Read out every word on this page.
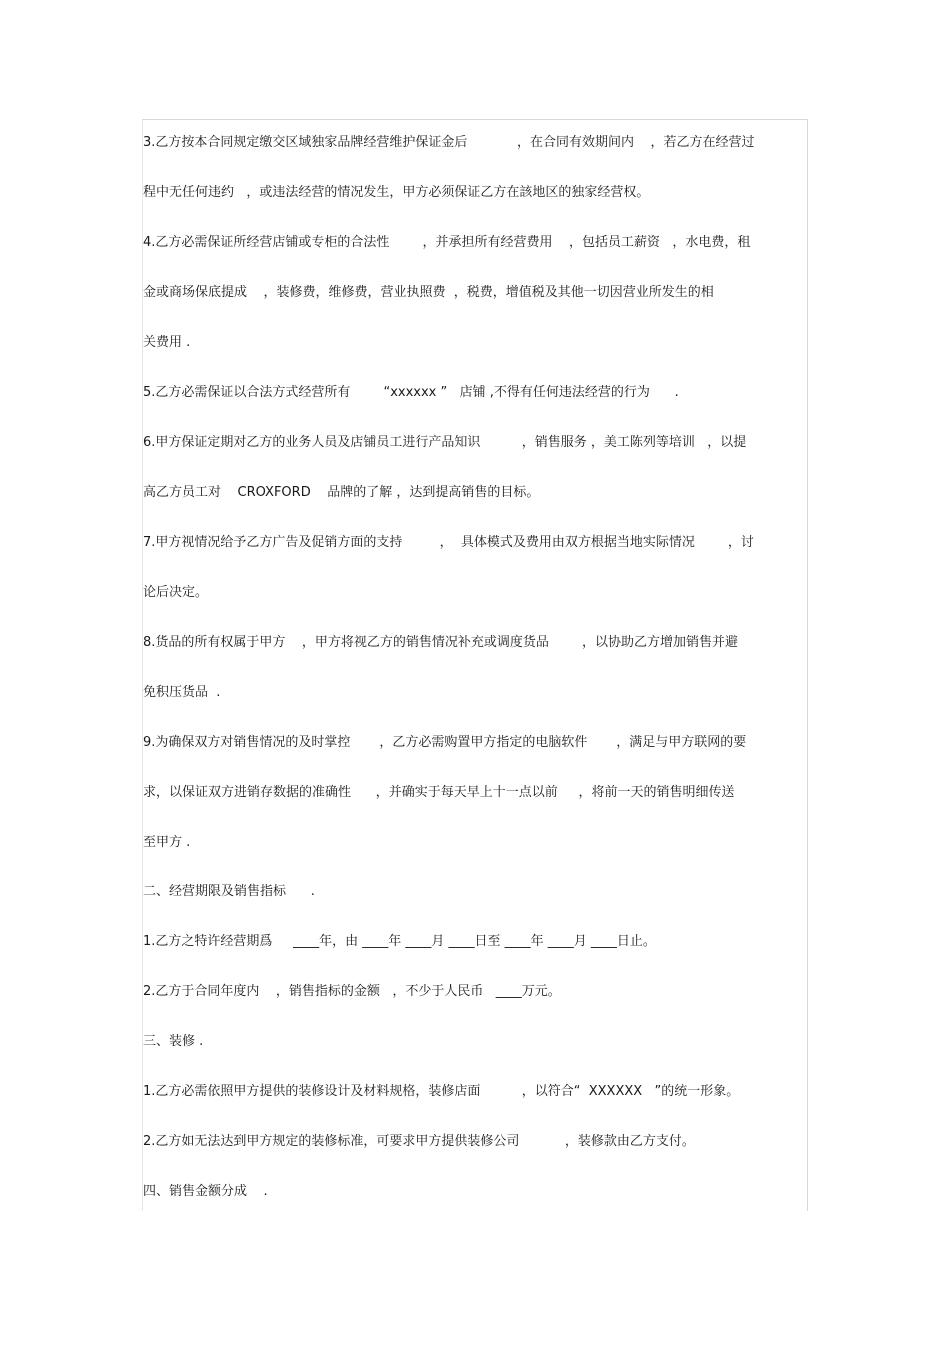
3.乙方按本合同规定缴交区域独家品牌经营维护保证金后            ，在合同有效期间内    ，若乙方在经营过

程中无任何违约   ，或违法经营的情况发生，甲方必须保证乙方在該地区的独家经营权。

4.乙方必需保证所经营店铺或专柜的合法性        ，并承担所有经营费用    ，包括员工薪资   ，水电费，租

金或商场保底提成    ，装修费，维修费，营业执照费  ，税费，增值税及其他一切因营业所发生的相

关费用 .

5.乙方必需保证以合法方式经营所有        “xxxxxx ”   店铺 ,不得有任何违法经营的行为      .

6.甲方保证定期对乙方的业务人员及店铺员工进行产品知识          ，销售服务 ，美工陈列等培训   ，以提

高乙方员工对    CROXFORD    品牌的了解 ，达到提高销售的目标。

7.甲方视情况给予乙方广告及促销方面的支持         ，  具体模式及费用由双方根据当地实际情况        ，讨

论后决定。

8.货品的所有权属于甲方    ，甲方将视乙方的销售情况补充或调度货品        ，以协助乙方增加销售并避

免积压货品  .

9.为确保双方对销售情况的及时掌控       ，乙方必需购置甲方指定的电脑软件       ，满足与甲方联网的要

求，以保证双方进销存数据的准确性      ，并确实于每天早上十一点以前     ，将前一天的销售明细传送

至甲方 .

二、经营期限及销售指标      .

1.乙方之特许经营期爲     ____年，由 ____年 ____月 ____日至 ____年 ____月 ____日止。

2.乙方于合同年度内    ，销售指标的金额   ，不少于人民币   ____万元。

三、装修 .

1.乙方必需依照甲方提供的装修设计及材料规格，装修店面          ，以符合“  XXXXXX   ”的统一形象。

2.乙方如无法达到甲方规定的装修标准，可要求甲方提供装修公司           ，装修款由乙方支付。

四、销售金额分成    .
